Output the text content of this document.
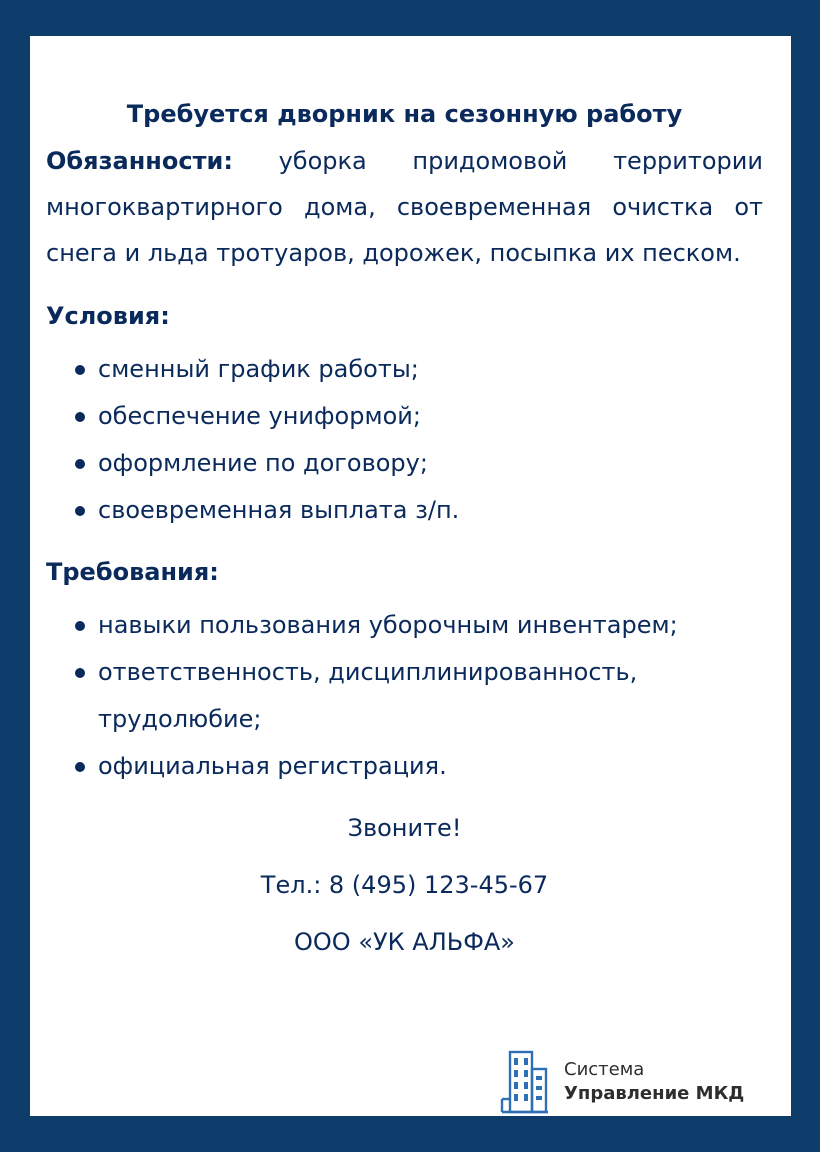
Требуется дворник на сезонную работу
Обязанности: уборка придомовой территории многоквартирного дома, своевременная очистка от снега и льда тротуаров, дорожек, посыпка их песком.
Условия:
сменный график работы;
обеспечение униформой;
оформление по договору;
своевременная выплата з/п.
Требования:
навыки пользования уборочным инвентарем;
ответственность, дисциплинированность, трудолюбие;
официальная регистрация.
Звоните!
Тел.: 8 (495) 123-45-67
ООО «УК АЛЬФА»
Система
Управление МКД
